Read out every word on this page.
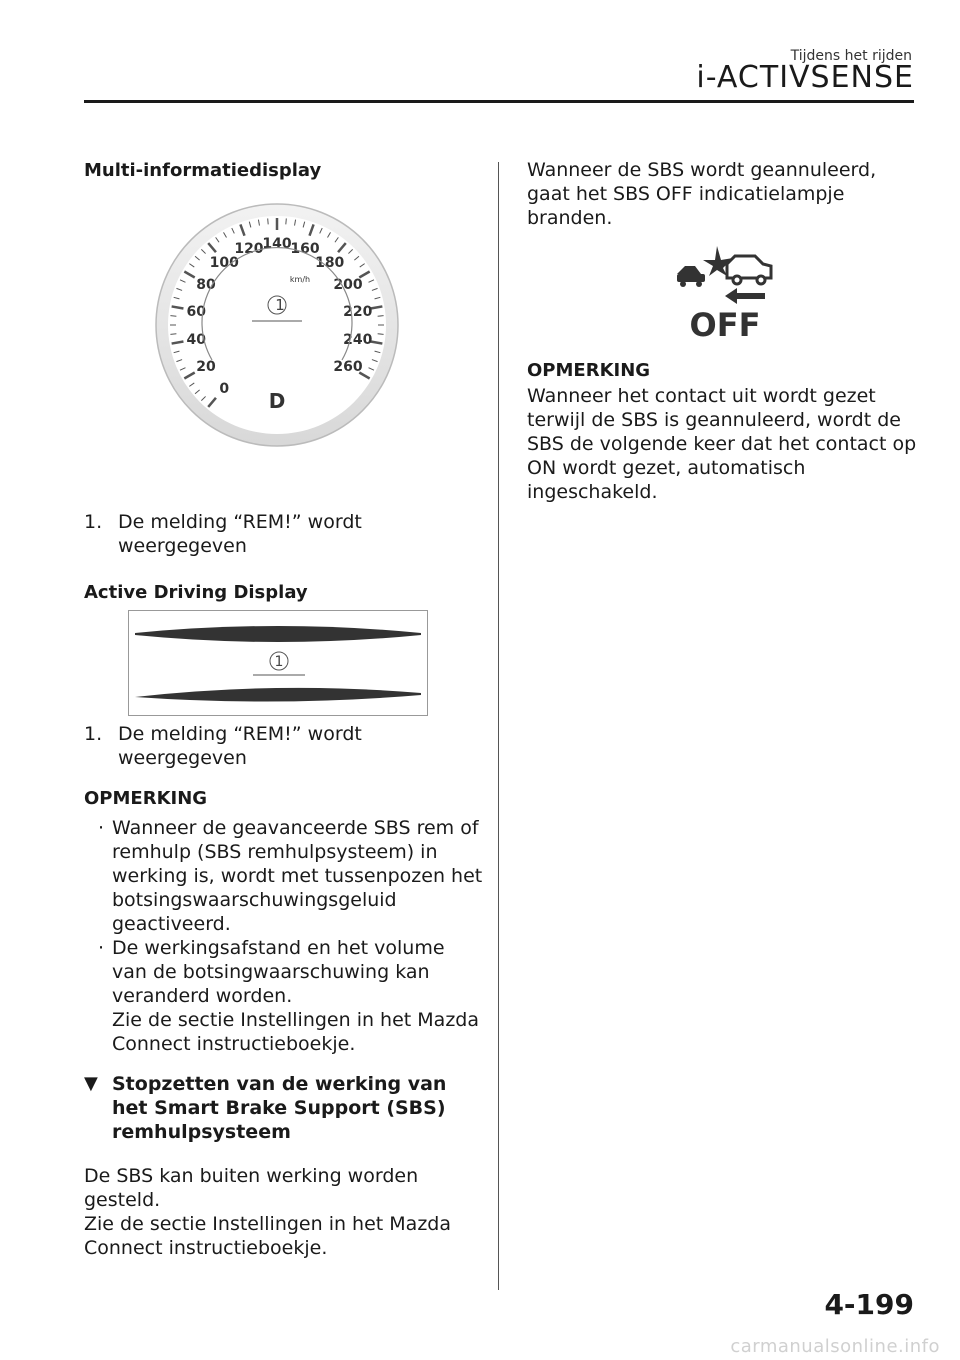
Tijdens het rijden
i-ACTIVSENSE

Multi-informatiedisplay

0
20
40
60
80
100
120
140
160
180
200
220
240
260
1
km/h
D
1. De melding “REM!” wordt weergegeven

Active Driving Display

1
1. De melding “REM!” wordt weergegeven

OPMERKING

· Wanneer de geavanceerde SBS rem of remhulp (SBS remhulpsysteem) in werking is, wordt met tussenpozen het botsingswaarschuwingsgeluid geactiveerd.
· De werkingsafstand en het volume van de botsingwaarschuwing kan veranderd worden.
Zie de sectie Instellingen in het Mazda Connect instructieboekje.
▼ Stopzetten van de werking van het Smart Brake Support (SBS) remhulpsysteem

De SBS kan buiten werking worden gesteld.
Zie de sectie Instellingen in het Mazda Connect instructieboekje.

Wanneer de SBS wordt geannuleerd, gaat het SBS OFF indicatielampje branden.

OFF

OPMERKING

Wanneer het contact uit wordt gezet terwijl de SBS is geannuleerd, wordt de SBS de volgende keer dat het contact op ON wordt gezet, automatisch ingeschakeld.

4-199
carmanualsonline.info
